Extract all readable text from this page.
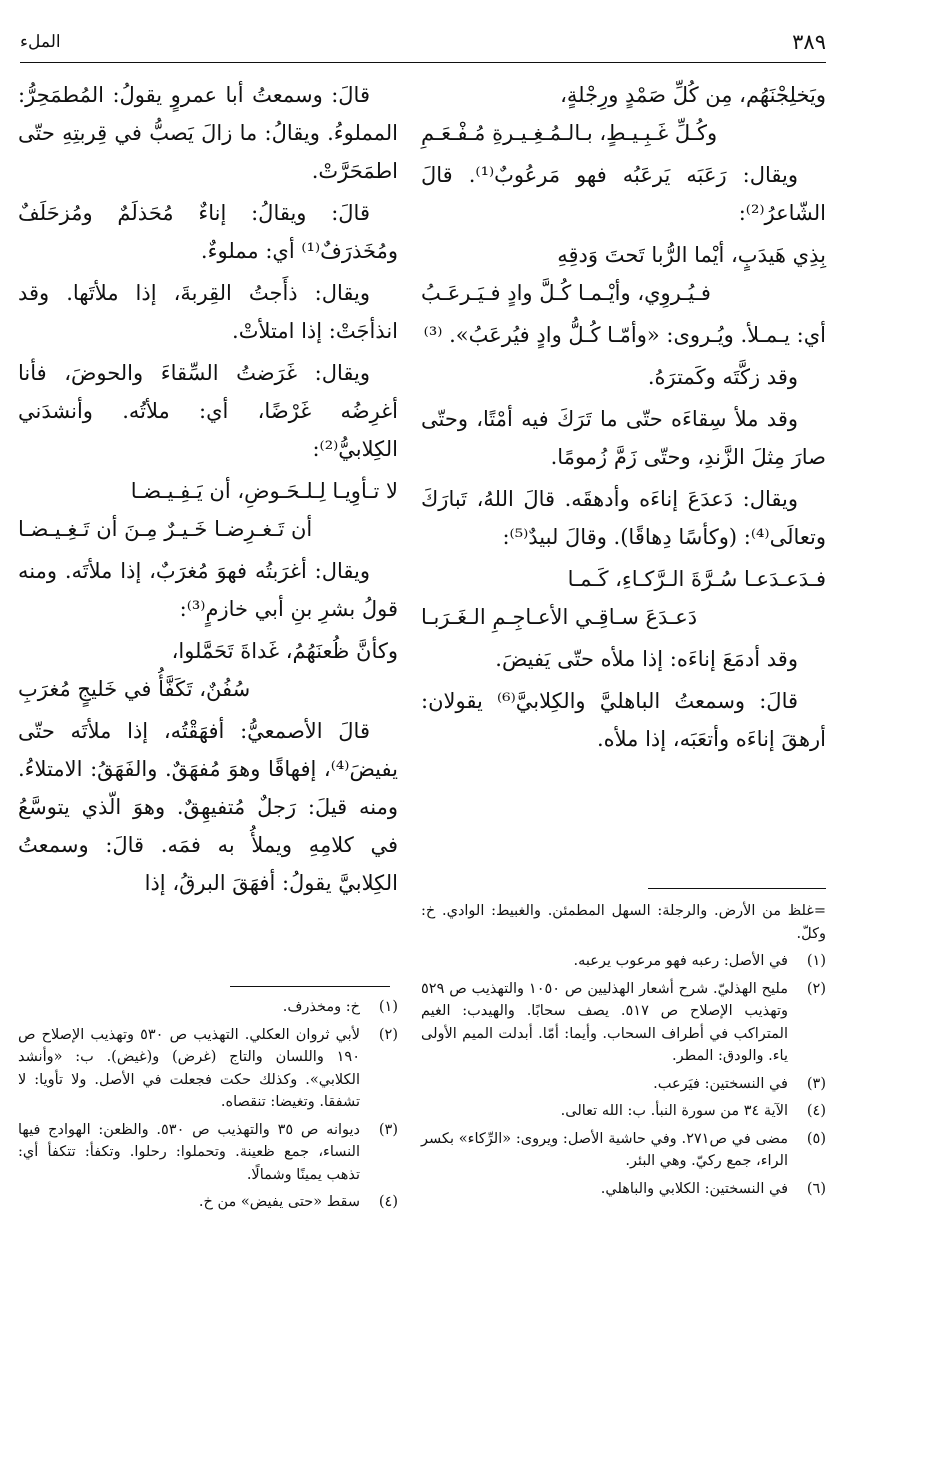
٣٨٩
الملء

ويَخلِجْنَهُم، مِن كُلِّ صَمْدٍ ورِجْلةٍ،

وكُـلِّ غَـبِـيـطٍ، بـالـمُـغِـيـرةِ مُـفْـعَـمِ

ويقال: رَعَبَه يَرعَبُه فهو مَرعُوبٌ⁽¹⁾. قالَ الشّاعرُ⁽²⁾:

بِذِي هَيدَبٍ، أيْما الرُّبا تَحتَ وَدقِهِ

فـيُـروِي، وأيْـمـا كُـلَّ وادٍ فـيَـرعَـبُ

أي: يـمـلأ. ويُـروى: «وأمّـا كُـلُّ وادٍ فيُرعَبُ». ⁽³⁾

وقد زكَّتَه وكَمترَهُ.

وقد ملأ سِقاءَه حتّى ما تَرَكَ فيه أمْتًا، وحتّى صارَ مِثلَ الزَّندِ، وحتّى زَمَّ زُمومًا.

ويقال: دَعدَعَ إناءَه وأدهقَه. قالَ اللهُ، تَبارَكَ وتعالَى⁽⁴⁾: (وكأسًا دِهاقًا). وقالَ لبيدٌ⁽⁵⁾:

فـدَعـدَعـا سُـرَّةَ الـرَّكـاءِ، كَـمـا

دَعـدَعَ سـاقِـي الأعـاجِـمِ الـغَـرَبـا

وقد أدمَعَ إناءَه: إذا ملأه حتّى يَفيضَ.

قالَ: وسمعتُ الباهليَّ والكِلابيَّ⁽⁶⁾ يقولان: أرهقَ إناءَه وأتعَبَه، إذا ملأه.

قالَ: وسمعتُ أبا عمروٍ يقولُ: المُطمَحِرُّ: المملوءُ. ويقالُ: ما زالَ يَصبُّ في قِربتِهِ حتّى اطمَحَرَّتْ.

قالَ: ويقالُ: إناءٌ مُحَذلَمٌ ومُزحَلَفٌ ومُخَذرَفٌ⁽¹⁾ أي: مملوءٌ.

ويقال: ذأَجتُ القِربةَ، إذا ملأتَها. وقد انذأجَتْ: إذا امتلأتْ.

ويقال: غَرَضتُ السِّقاءَ والحوضَ، فأنا أغرِضُه غَرْضًا، أي: ملأتُه. وأنشدَني الكِلابيُّ⁽²⁾:

لا تـأوِيـا لِـلـحَـوضِ، أن يَـفِـيـضـا

أن تَـغـرِضـا خَـيـرٌ مِـنَ أن تَـغِـيـضـا

ويقال: أغرَبتُه فهوَ مُغرَبٌ، إذا ملأتَه. ومنه قولُ بشرِ بنِ أبي خازمٍ⁽³⁾:

وكأنَّ ظُعنَهُمُ، غَداةَ تَحَمَّلوا،

سُفُنٌ، تَكَفَّأُ في خَليجٍ مُغرَبِ

قالَ الأصمعيُّ: أفهَقْتُه، إذا ملأتَه حتّى يفيضَ⁽⁴⁾، إفهاقًا وهوَ مُفهَقٌ. والفَهَقُ: الامتلاءُ. ومنه قيلَ: رَجلٌ مُتفيهِقٌ. وهوَ الّذي يتوسَّعُ في كلامِهِ ويملأُ به فمَه. قالَ: وسمعتُ الكِلابيَّ يقولُ: أفهَقَ البرقُ، إذا

=غلظ من الأرض. والرجلة: السهل المطمئن. والغبيط: الوادي. خ: وكلّ.
(١)
في الأصل: رعبه فهو مرعوب يرعبه.
(٢)
مليح الهذليّ. شرح أشعار الهذليين ص ١٠٥٠ والتهذيب ص ٥٢٩ وتهذيب الإصلاح ص ٥١٧. يصف سحابًا. والهيدب: الغيم المتراكب في أطراف السحاب. وأيما: أمّا. أبدلت الميم الأولى ياء. والودق: المطر.
(٣)
في النسختين: فيَرعب.
(٤)
الآية ٣٤ من سورة النبأ. ب: الله تعالى.
(٥)
مضى في ص٢٧١. وفي حاشية الأصل: ويروى: «الرِّكاء» بكسر الراء، جمع ركيّ. وهي البئر.
(٦)
في النسختين: الكلابي والباهلي.
(١)
خ: ومخذرف.
(٢)
لأبي ثروان العكلي. التهذيب ص ٥٣٠ وتهذيب الإصلاح ص ١٩٠ واللسان والتاج (غرض) و(غيض). ب: «وأنشد الكلابي». وكذلك حكت فجعلت في الأصل. ولا تأويا: لا تشفقا. وتغيضا: تنقصاه.
(٣)
ديوانه ص ٣٥ والتهذيب ص ٥٣٠. والظعن: الهوادج فيها النساء، جمع ظعينة. وتحملوا: رحلوا. وتكفأ: تتكفأ أي: تذهب يمينًا وشمالًا.
(٤)
سقط «حتى يفيض» من خ.
